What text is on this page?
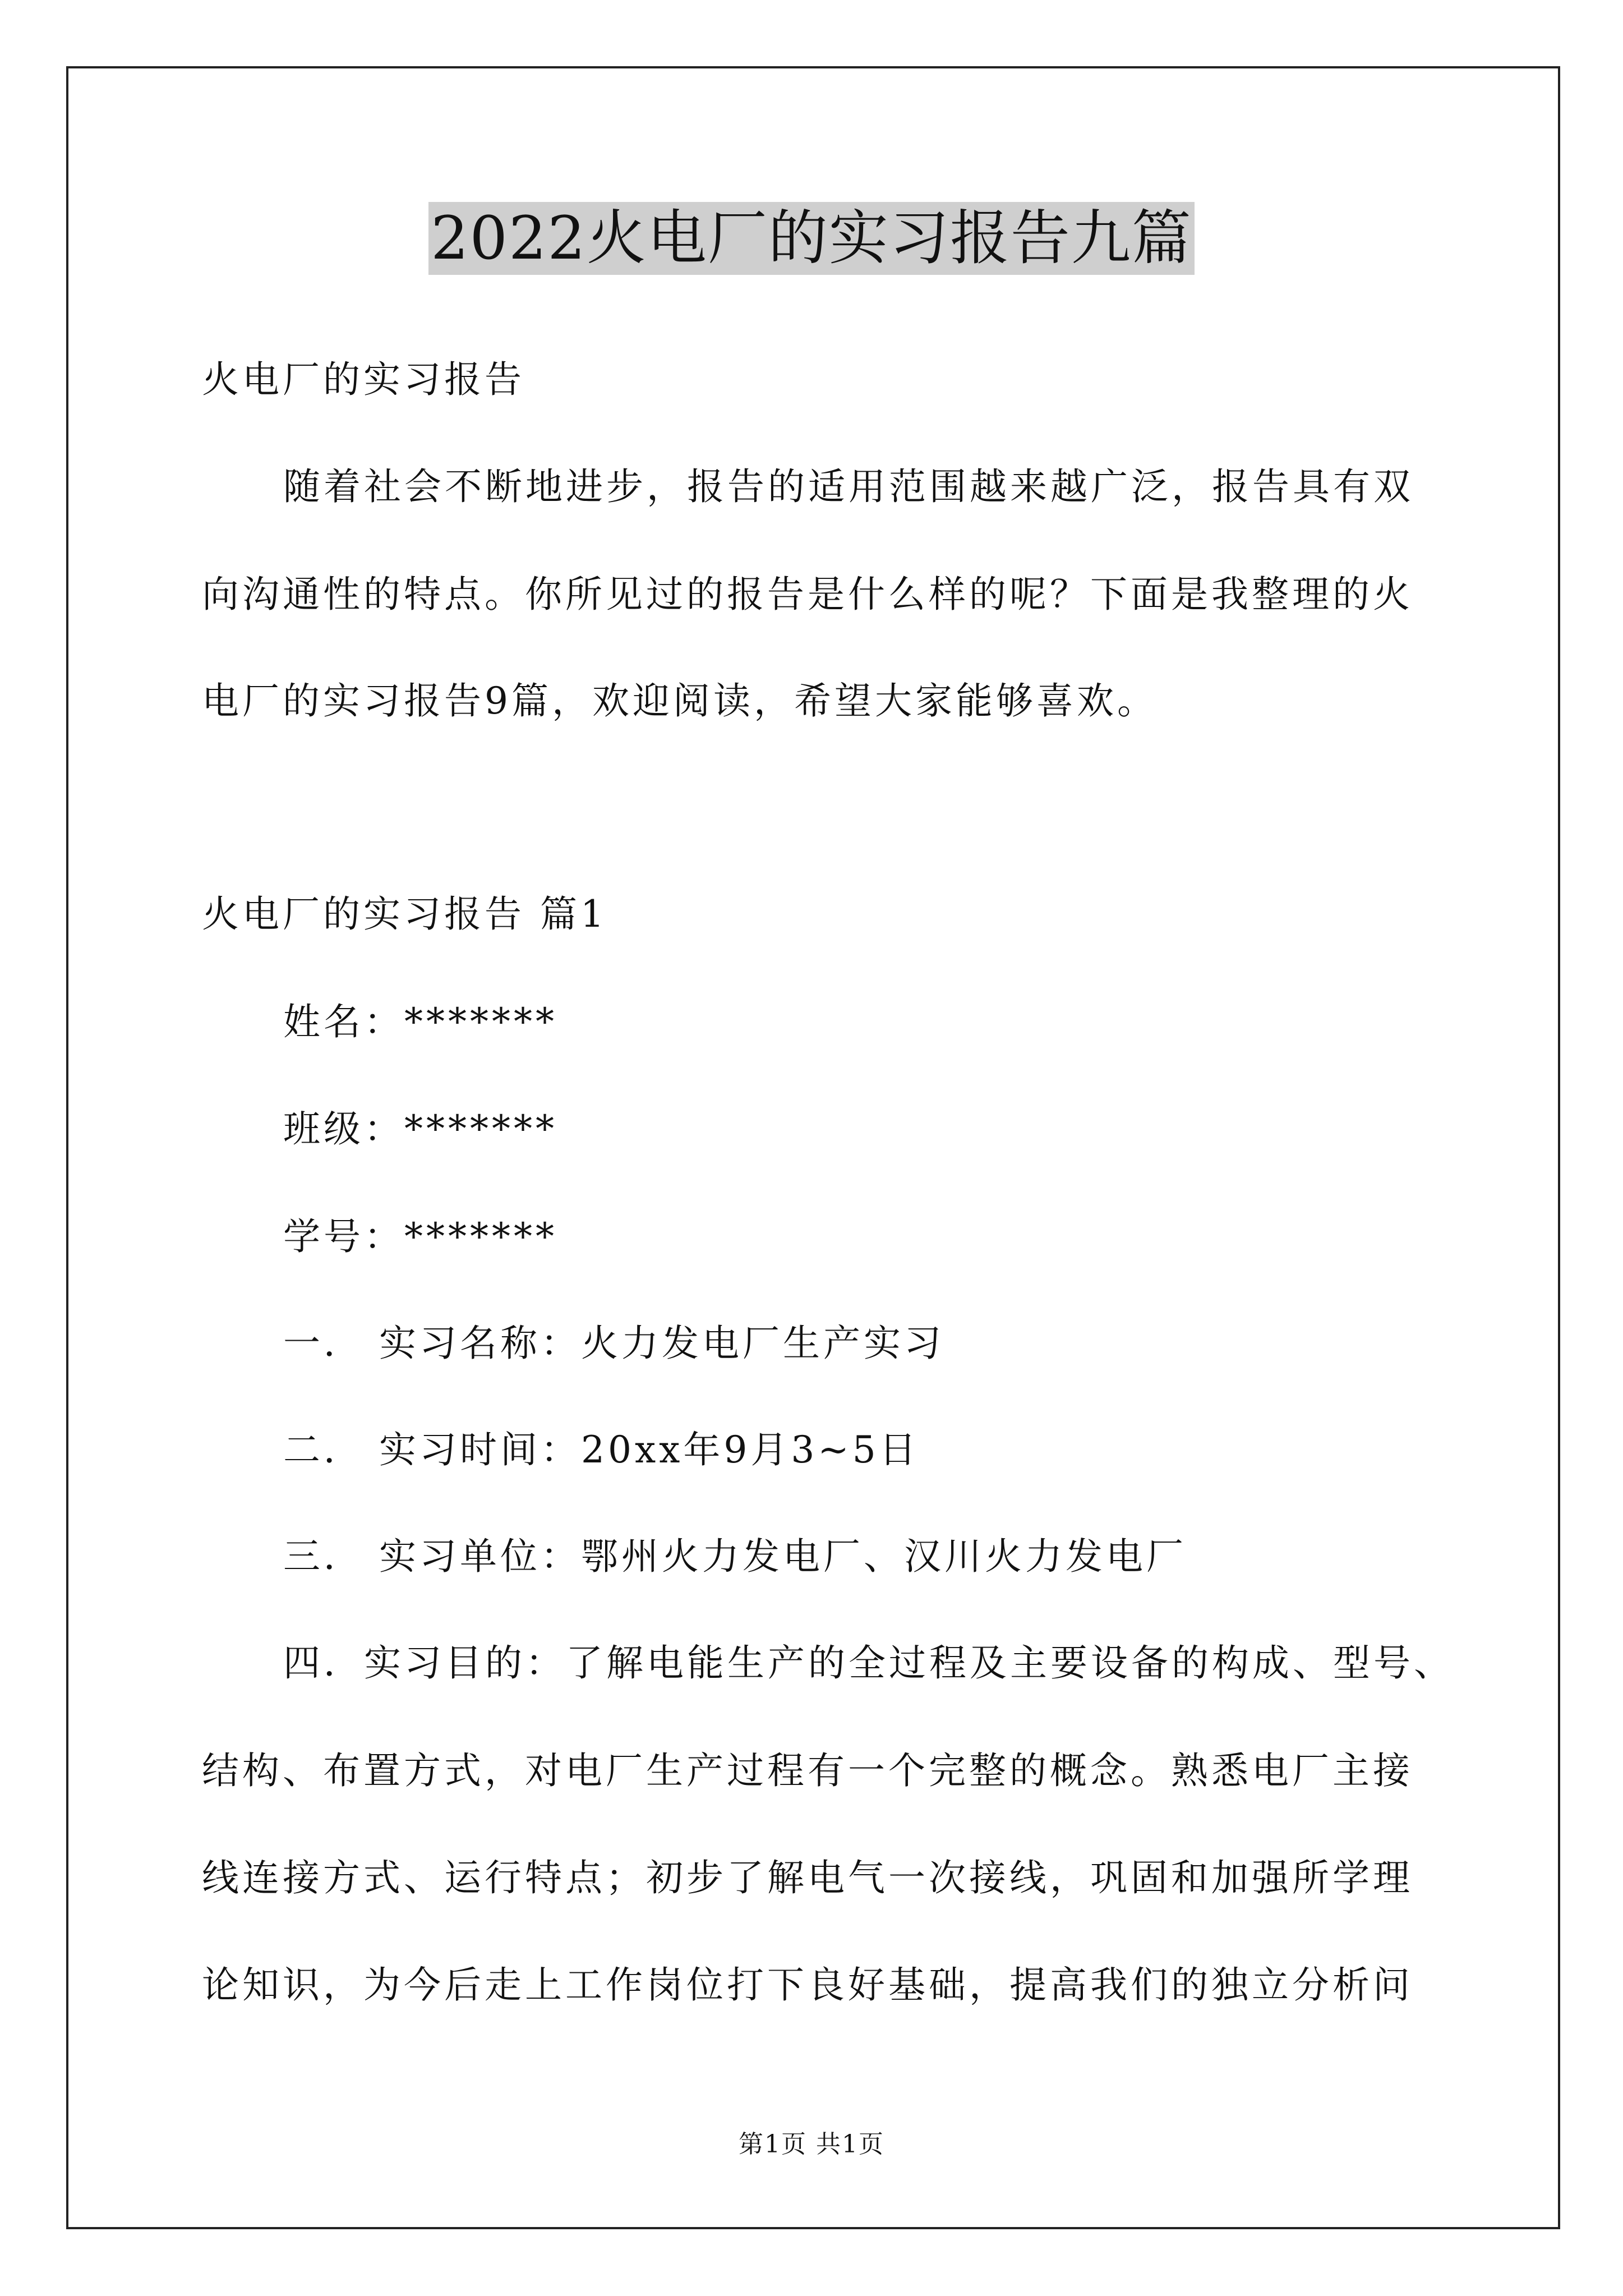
2022火电厂的实习报告九篇
火电厂的实习报告
随着社会不断地进步，报告的适用范围越来越广泛，报告具有双
向沟通性的特点。你所见过的报告是什么样的呢？下面是我整理的火
电厂的实习报告9篇，欢迎阅读，希望大家能够喜欢。
火电厂的实习报告 篇1
姓名：*******
班级：*******
学号：*******
一． 实习名称：火力发电厂生产实习
二． 实习时间：20xx年9月3~5日
三． 实习单位：鄂州火力发电厂、汉川火力发电厂
四．实习目的：了解电能生产的全过程及主要设备的构成、型号、
结构、布置方式，对电厂生产过程有一个完整的概念。熟悉电厂主接
线连接方式、运行特点；初步了解电气一次接线，巩固和加强所学理
论知识，为今后走上工作岗位打下良好基础，提高我们的独立分析问
第1页 共1页
